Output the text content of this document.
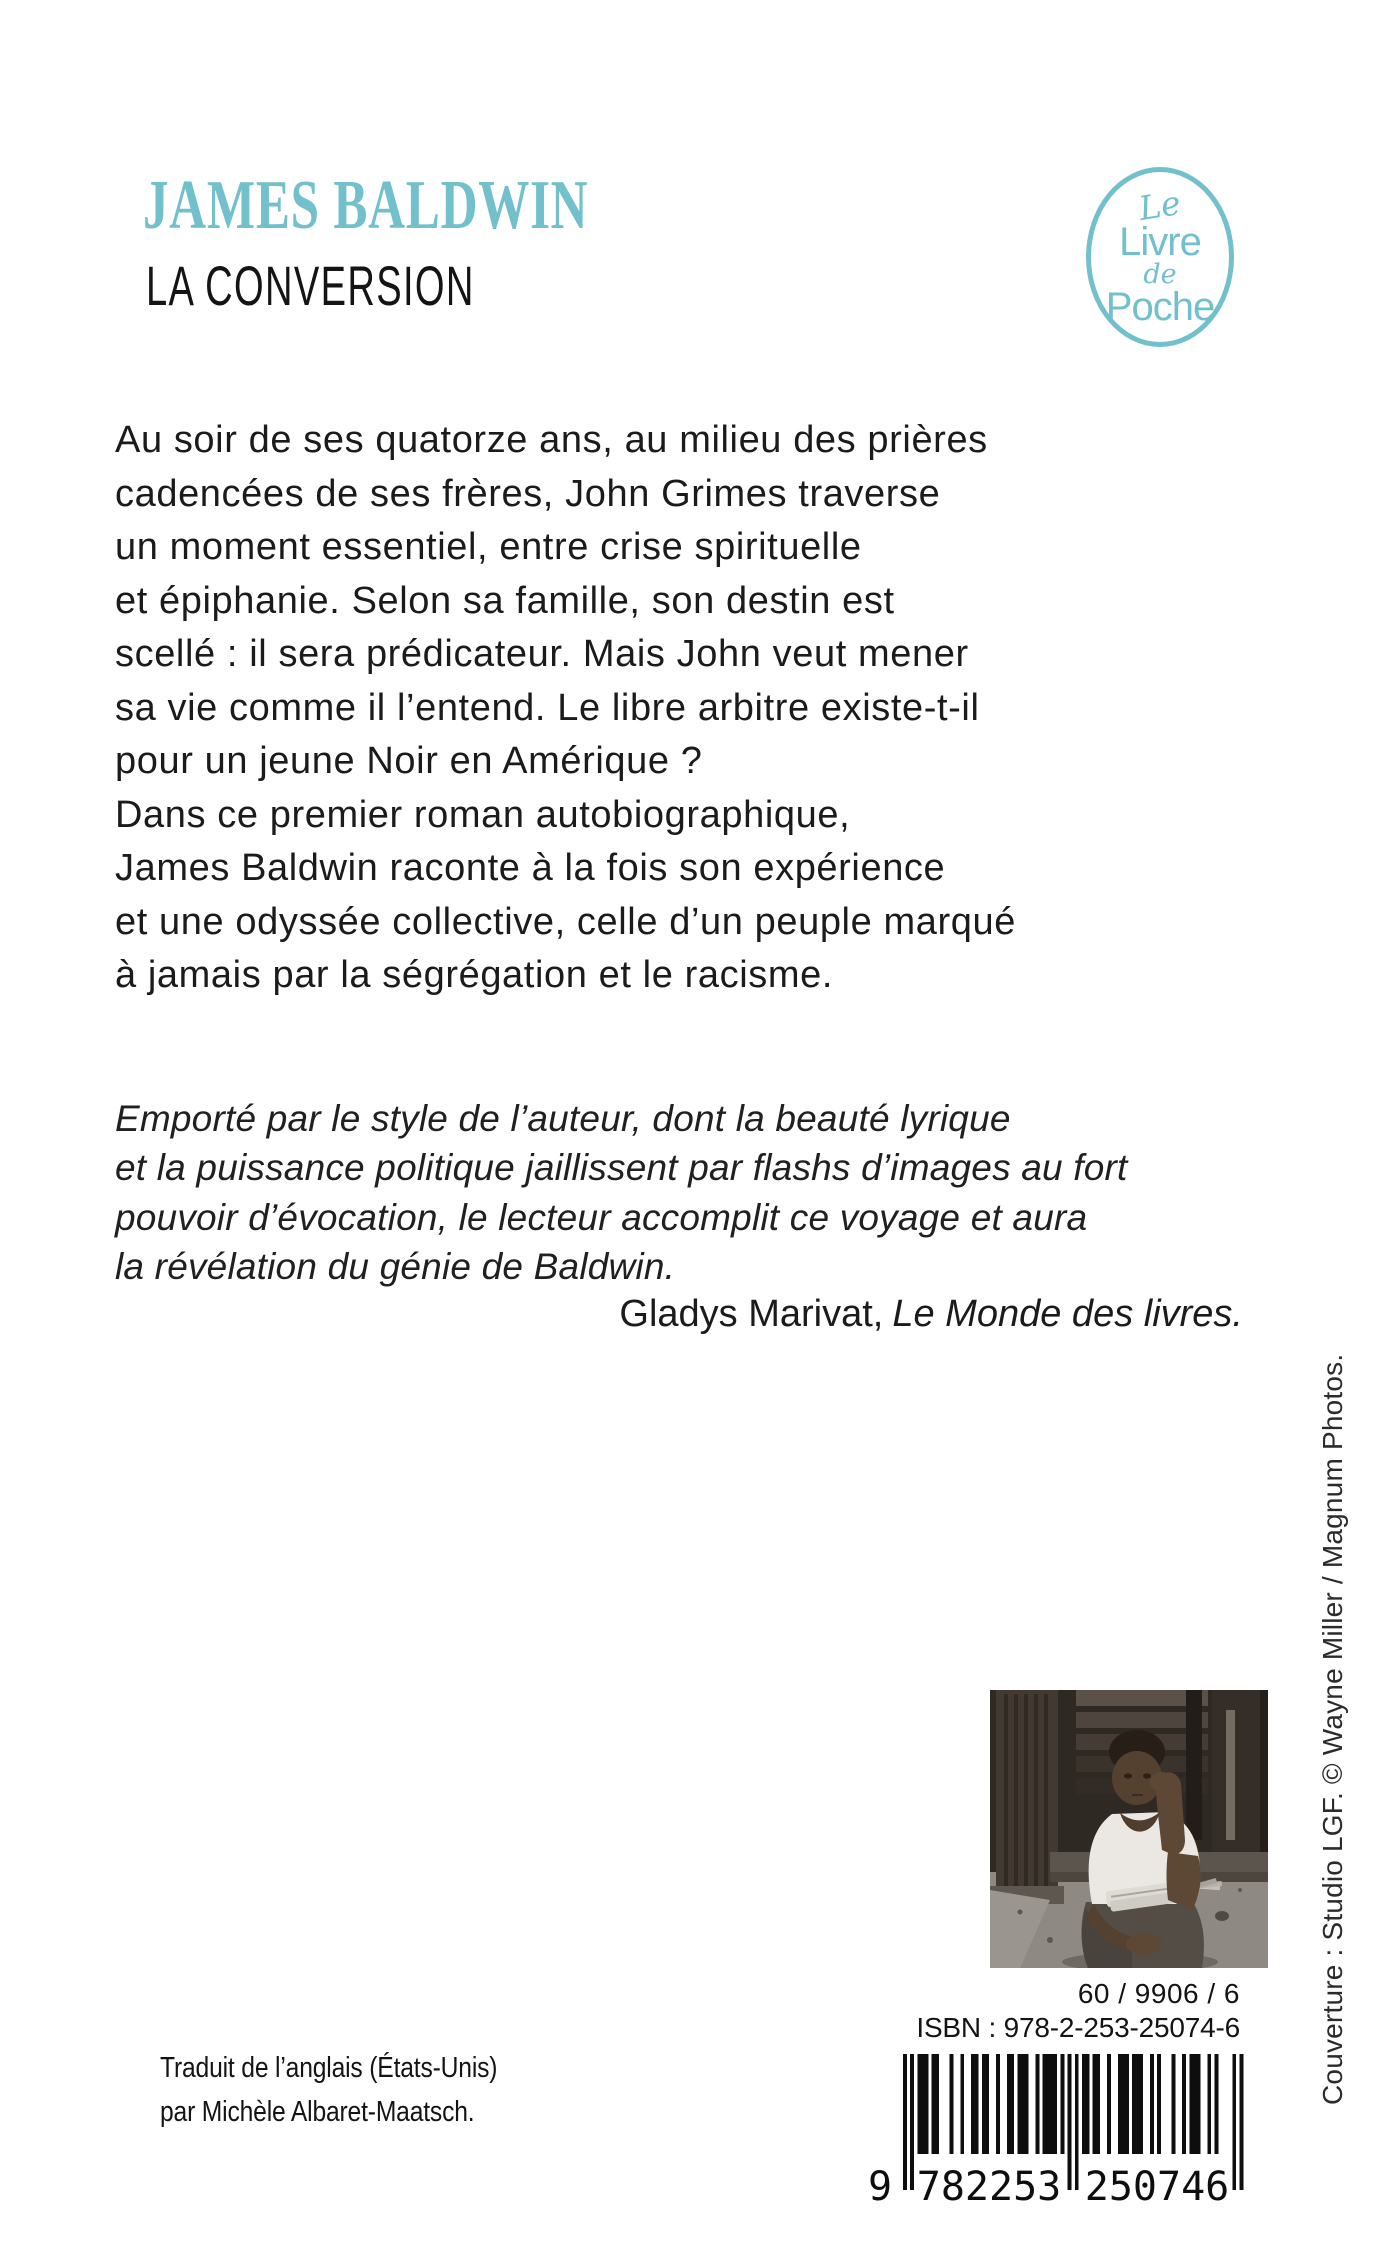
JAMES BALDWIN
LA CONVERSION
Le
Livre
de
Poche
Au soir de ses quatorze ans, au milieu des prières
cadencées de ses frères, John Grimes traverse
un moment essentiel, entre crise spirituelle
et épiphanie. Selon sa famille, son destin est
scellé : il sera prédicateur. Mais John veut mener
sa vie comme il l’entend. Le libre arbitre existe-t-il
pour un jeune Noir en Amérique ?
Dans ce premier roman autobiographique,
James Baldwin raconte à la fois son expérience
et une odyssée collective, celle d’un peuple marqué
à jamais par la ségrégation et le racisme.
Emporté par le style de l’auteur, dont la beauté lyrique
et la puissance politique jaillissent par flashs d’images au fort
pouvoir d’évocation, le lecteur accomplit ce voyage et aura
la révélation du génie de Baldwin.
Gladys Marivat, Le Monde des livres.
Couverture : Studio LGF. © Wayne Miller / Magnum Photos.
60 / 9906 / 6
ISBN : 978-2-253-25074-6
9 782253 250746
Traduit de l’anglais (États-Unis)
par Michèle Albaret-Maatsch.
